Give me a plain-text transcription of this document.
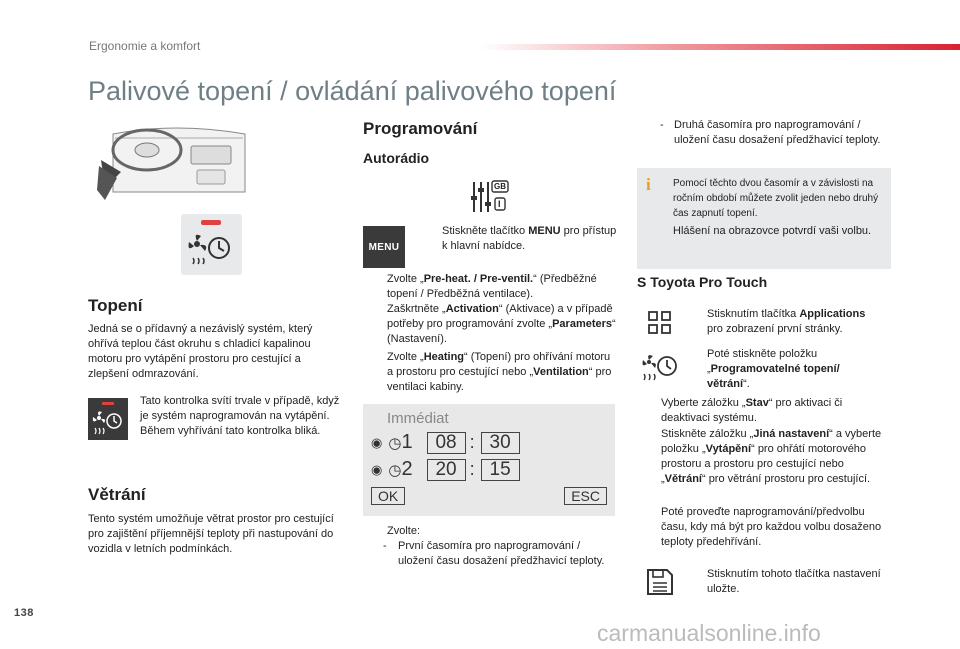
Ergonomie a komfort
Palivové topení / ovládání palivového topení
Topení
Jedná se o přídavný a nezávislý systém, který ohřívá teplou část okruhu s chladicí kapalinou motoru pro vytápění prostoru pro cestující a zlepšení odmrazování.
Tato kontrolka svítí trvale v případě, když je systém naprogramován na vytápění.
Během vyhřívání tato kontrolka bliká.
Větrání
Tento systém umožňuje větrat prostor pro cestující pro zajištění příjemnější teploty při nastupování do vozidla v letních podmínkách.
Programování
Autorádio
GB
I
MENU
Stiskněte tlačítko MENU pro přístup k hlavní nabídce.
Zvolte „Pre-heat. / Pre-ventil.“ (Předběžné topení / Předběžná ventilace).
Zaškrtněte „Activation“ (Aktivace) a v případě potřeby pro programování zvolte „Parameters“ (Nastavení).
Zvolte „Heating“ (Topení) pro ohřívání motoru a prostoru pro cestující nebo „Ventilation“ pro ventilaci kabiny.
Immédiat
◉ ◷ 1	08 : 30
◉ ◷ 2	20 : 15
OK	ESC
Zvolte:
-	První časomíra pro naprogramování / uložení času dosažení předžhavicí teploty.
- Druhá časomíra pro naprogramování / uložení času dosažení předžhavicí teploty.
i Pomocí těchto dvou časomír a v závislosti na ročním období můžete zvolit jeden nebo druhý čas zapnutí topení.
Hlášení na obrazovce potvrdí vaši volbu.
S Toyota Pro Touch
Stisknutím tlačítka Applications pro zobrazení první stránky.
Poté stiskněte položku „Programovatelné topení/ větrání“.
Vyberte záložku „Stav“ pro aktivaci či deaktivaci systému.
Stiskněte záložku „Jiná nastavení“ a vyberte položku „Vytápění“ pro ohřátí motorového prostoru a prostoru pro cestující nebo „Větrání“ pro větrání prostoru pro cestující.
Poté proveďte naprogramování/předvolbu času, kdy má být pro každou volbu dosaženo teploty předehřívání.
Stisknutím tohoto tlačítka nastavení uložte.
138
carmanualsonline.info
